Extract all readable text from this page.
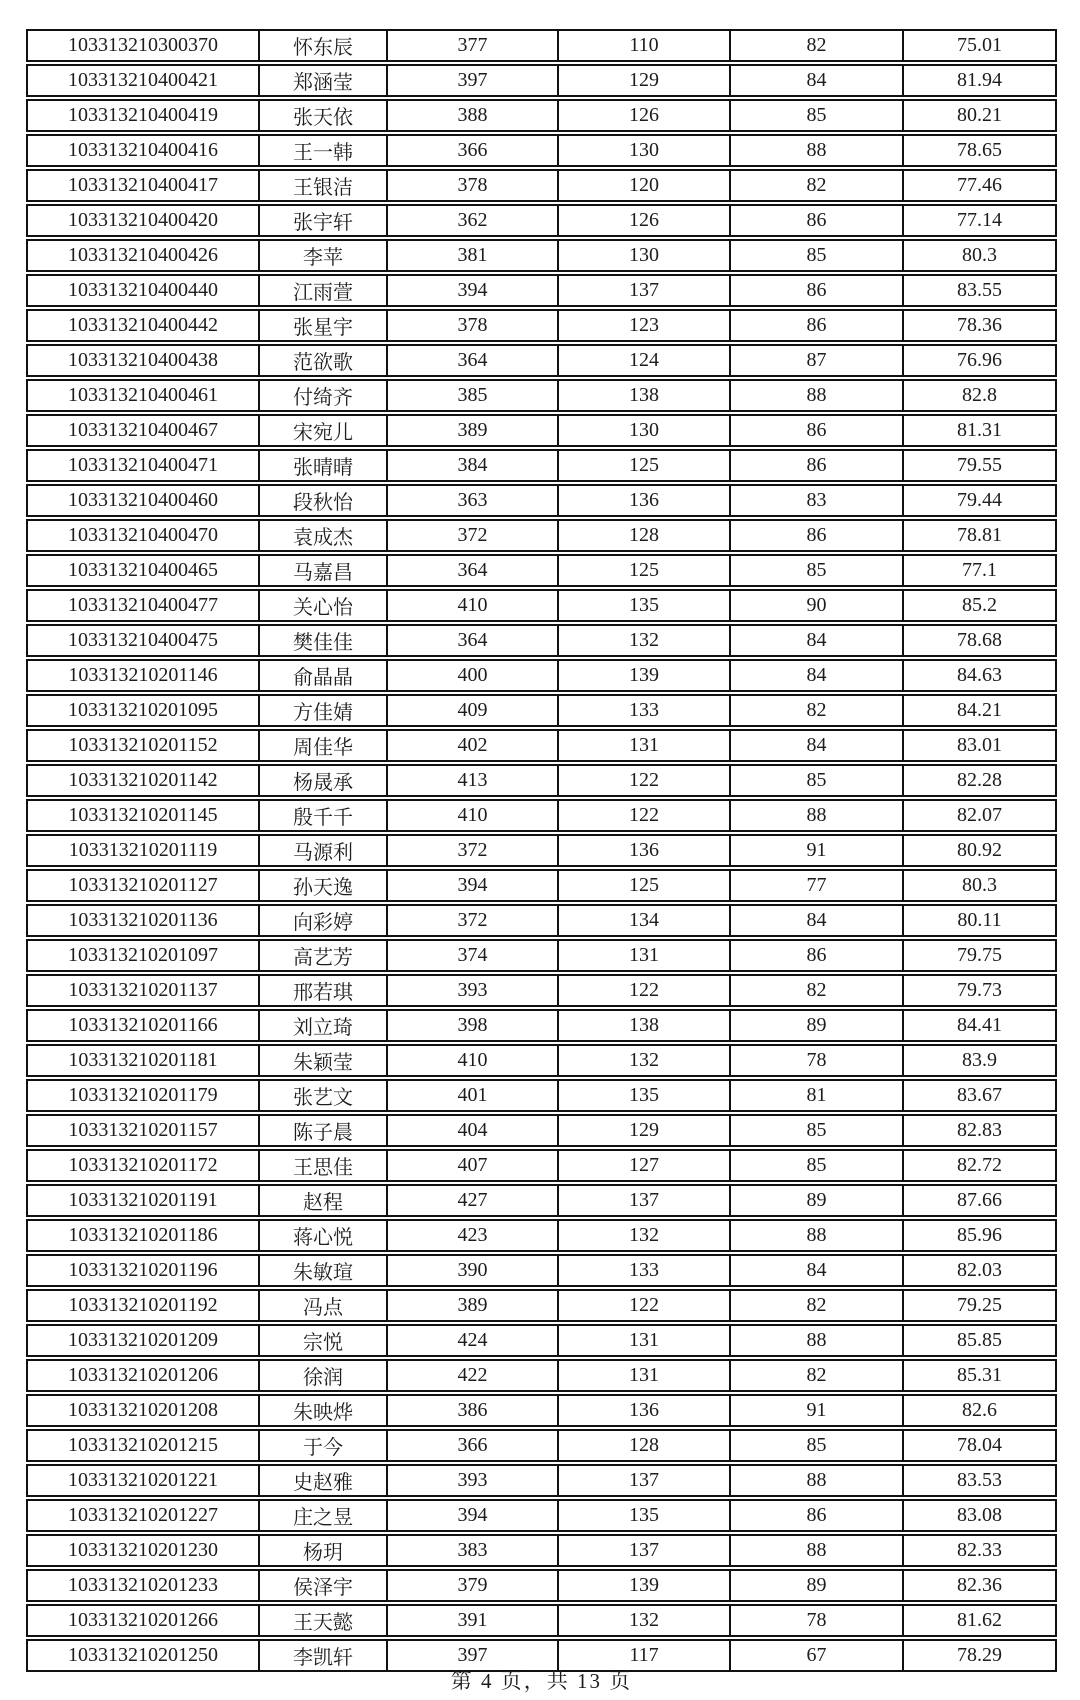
103313210300370	怀东辰	377	110	82	75.01
103313210400421	郑涵莹	397	129	84	81.94
103313210400419	张天依	388	126	85	80.21
103313210400416	王一韩	366	130	88	78.65
103313210400417	王银洁	378	120	82	77.46
103313210400420	张宇轩	362	126	86	77.14
103313210400426	李苹	381	130	85	80.3
103313210400440	江雨萱	394	137	86	83.55
103313210400442	张星宇	378	123	86	78.36
103313210400438	范欲歌	364	124	87	76.96
103313210400461	付绮齐	385	138	88	82.8
103313210400467	宋宛儿	389	130	86	81.31
103313210400471	张晴晴	384	125	86	79.55
103313210400460	段秋怡	363	136	83	79.44
103313210400470	袁成杰	372	128	86	78.81
103313210400465	马嘉昌	364	125	85	77.1
103313210400477	关心怡	410	135	90	85.2
103313210400475	樊佳佳	364	132	84	78.68
103313210201146	俞晶晶	400	139	84	84.63
103313210201095	方佳婧	409	133	82	84.21
103313210201152	周佳华	402	131	84	83.01
103313210201142	杨晟承	413	122	85	82.28
103313210201145	殷千千	410	122	88	82.07
103313210201119	马源利	372	136	91	80.92
103313210201127	孙天逸	394	125	77	80.3
103313210201136	向彩婷	372	134	84	80.11
103313210201097	高艺芳	374	131	86	79.75
103313210201137	邢若琪	393	122	82	79.73
103313210201166	刘立琦	398	138	89	84.41
103313210201181	朱颖莹	410	132	78	83.9
103313210201179	张艺文	401	135	81	83.67
103313210201157	陈子晨	404	129	85	82.83
103313210201172	王思佳	407	127	85	82.72
103313210201191	赵程	427	137	89	87.66
103313210201186	蒋心悦	423	132	88	85.96
103313210201196	朱敏瑄	390	133	84	82.03
103313210201192	冯点	389	122	82	79.25
103313210201209	宗悦	424	131	88	85.85
103313210201206	徐润	422	131	82	85.31
103313210201208	朱映烨	386	136	91	82.6
103313210201215	于今	366	128	85	78.04
103313210201221	史赵雅	393	137	88	83.53
103313210201227	庄之昱	394	135	86	83.08
103313210201230	杨玥	383	137	88	82.33
103313210201233	侯泽宇	379	139	89	82.36
103313210201266	王天懿	391	132	78	81.62
103313210201250	李凯轩	397	117	67	78.29
第 4 页，共 13 页
